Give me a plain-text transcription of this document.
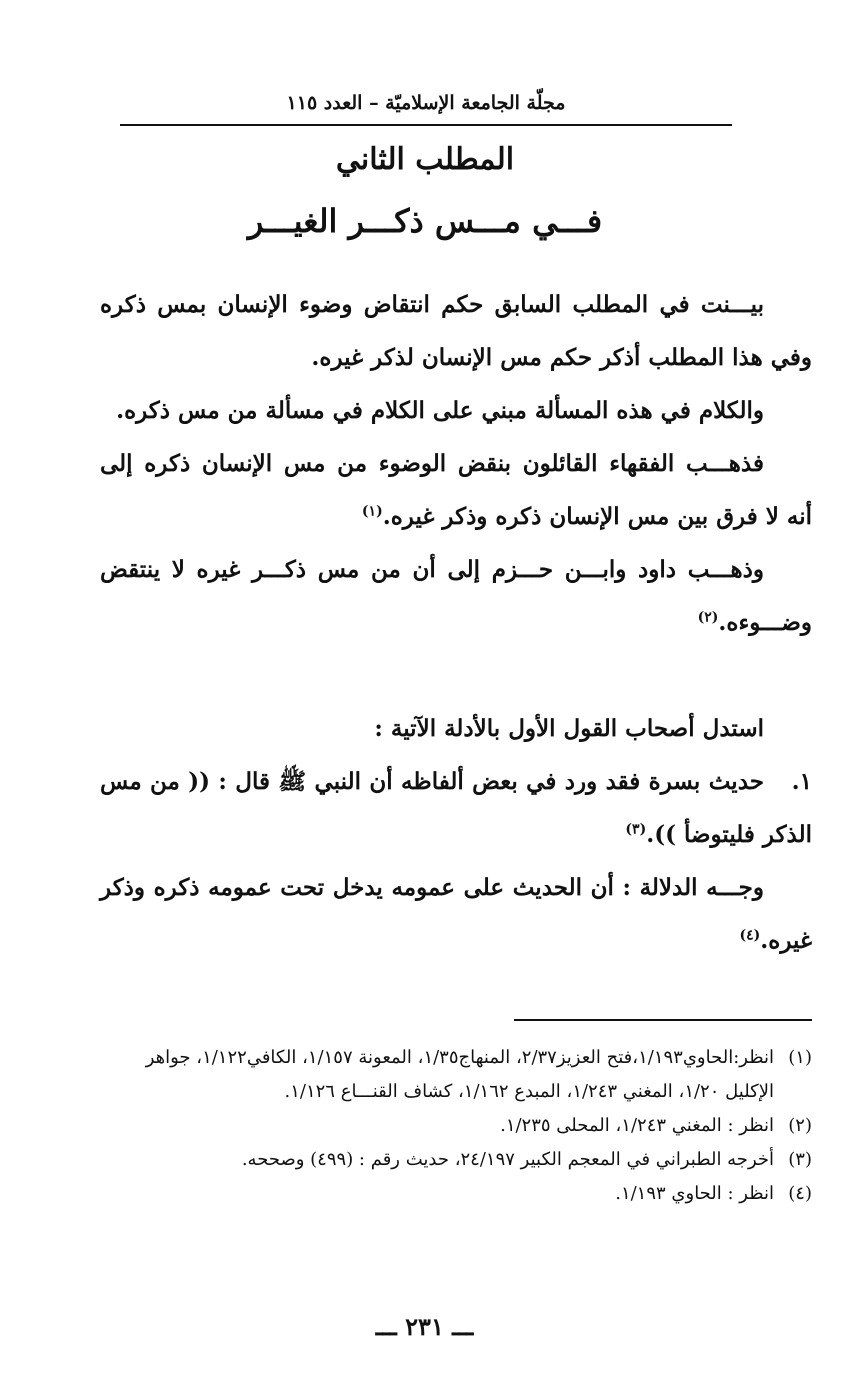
مجلّة الجامعة الإسلاميّة – العدد ١١٥
المطلب الثاني
فـــي مـــس ذكـــر الغيـــر

بيـــنت في المطلب السابق حكم انتقاض وضوء الإنسان بمس ذكره وفي هذا المطلب أذكر حكم مس الإنسان لذكر غيره.

والكلام في هذه المسألة مبني على الكلام في مسألة من مس ذكره.

فذهـــب الفقهاء القائلون بنقض الوضوء من مس الإنسان ذكره إلى أنه لا فرق بين مس الإنسان ذكره وذكر غيره.$^{(١)}$

وذهـــب داود وابـــن حـــزم إلى أن من مس ذكـــر غيره لا ينتقض وضـــوءه.$^{(٢)}$

استدل أصحاب القول الأول بالأدلة الآتية :

١.حديث بسرة فقد ورد في بعض ألفاظه أن النبي ﷺ قال : (( من مس الذكر فليتوضأ )).$^{(٣)}$

وجـــه الدلالة : أن الحديث على عمومه يدخل تحت عمومه ذكره وذكر غيره.$^{(٤)}$

(١)
انظر:الحاوي١/١٩٣،فتح العزيز٢/٣٧، المنهاج١/٣٥، المعونة ١/١٥٧، الكافي١/١٢٢، جواهر الإكليل ١/٢٠، المغني ١/٢٤٣، المبدع ١/١٦٢، كشاف القنـــاع ١/١٢٦.

(٢)
انظر : المغني ١/٢٤٣، المحلى ١/٢٣٥.

(٣)
أخرجه الطبراني في المعجم الكبير ٢٤/١٩٧، حديث رقم : (٤٩٩) وصححه.

(٤)
انظر : الحاوي ١/١٩٣.

ـــ ٢٣١ ـــ
